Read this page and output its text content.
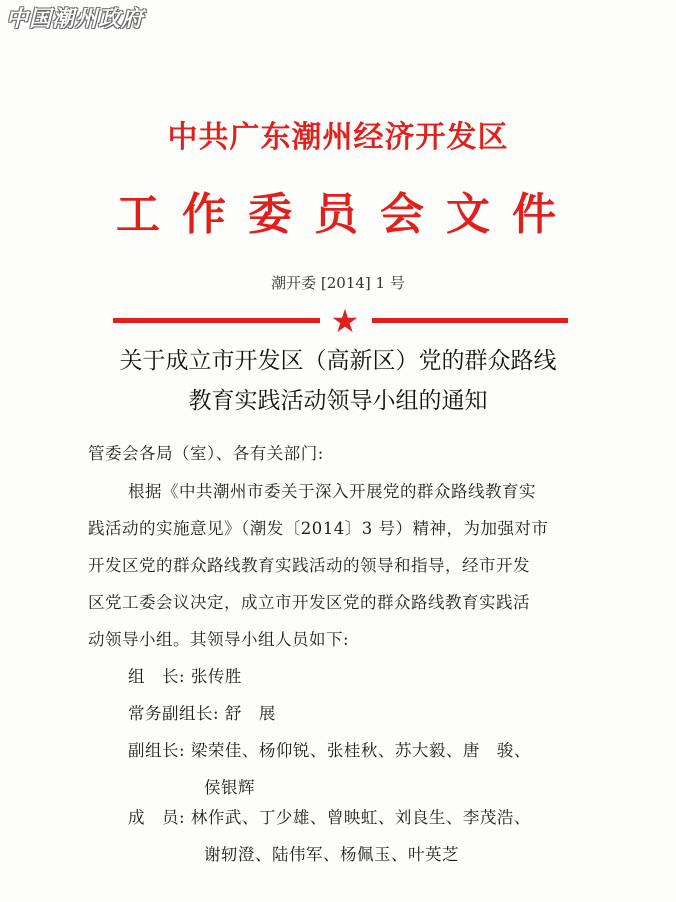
中国潮州政府
中共广东潮州经济开发区
工作委员会文件
潮开委 [2014] 1 号
★
关于成立市开发区（高新区）党的群众路线
教育实践活动领导小组的通知
管委会各局（室）、各有关部门:
根据《中共潮州市委关于深入开展党的群众路线教育实
践活动的实施意见》（潮发〔2014〕3 号）精神，为加强对市
开发区党的群众路线教育实践活动的领导和指导，经市开发
区党工委会议决定，成立市开发区党的群众路线教育实践活
动领导小组。其领导小组人员如下:
组　长: 张传胜
常务副组长: 舒　展
副组长: 梁荣佳、杨仰锐、张桂秋、苏大毅、唐　骏、
侯银辉
成　员: 林作武、丁少雄、曾映虹、刘良生、李茂浩、
谢轫澄、陆伟军、杨佩玉、叶英芝
